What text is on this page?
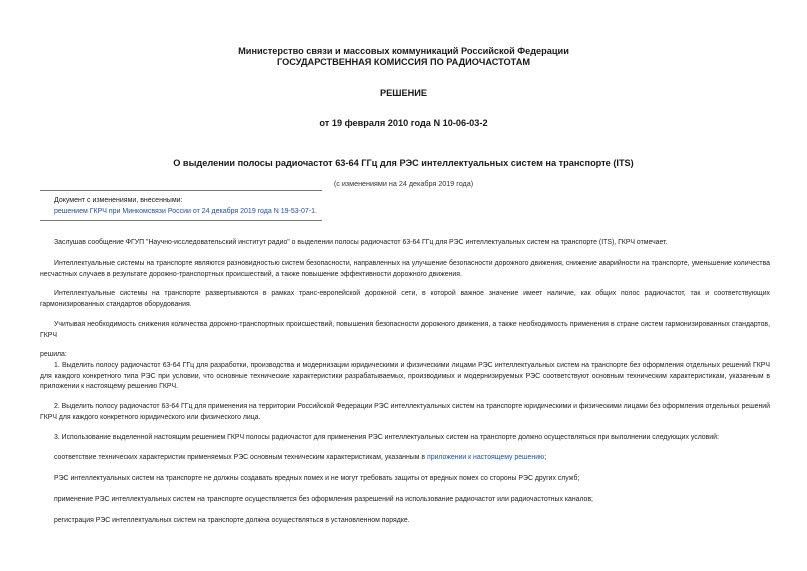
Министерство связи и массовых коммуникаций Российской Федерации
ГОСУДАРСТВЕННАЯ КОМИССИЯ ПО РАДИОЧАСТОТАМ
РЕШЕНИЕ
от 19 февраля 2010 года N 10-06-03-2
О выделении полосы радиочастот 63-64 ГГц для РЭС интеллектуальных систем на транспорте (ITS)
(с изменениями на 24 декабря 2019 года)
Документ с изменениями, внесенными:
решением ГКРЧ при Минкомсвязи России от 24 декабря 2019 года N 19-53-07-1.
Заслушав сообщение ФГУП "Научно-исследовательский институт радио" о выделении полосы радиочастот 63-64 ГГц для РЭС интеллектуальных систем на транспорте (ITS), ГКРЧ отмечает.
Интеллектуальные системы на транспорте являются разновидностью систем безопасности, направленных на улучшение безопасности дорожного движения, снижение аварийности на транспорте, уменьшение количества несчастных случаев в результате дорожно-транспортных происшествий, а также повышение эффективности дорожного движения.
Интеллектуальные системы на транспорте развертываются в рамках транс-европейской дорожной сети, в которой важное значение имеет наличие, как общих полос радиочастот, так и соответствующих гармонизированных стандартов оборудования.
Учитывая необходимость снижения количества дорожно-транспортных происшествий, повышения безопасности дорожного движения, а также необходимость применения в стране систем гармонизированных стандартов, ГКРЧ
решила:
1. Выделить полосу радиочастот 63-64 ГГц для разработки, производства и модернизации юридическими и физическими лицами РЭС интеллектуальных систем на транспорте без оформления отдельных решений ГКРЧ для каждого конкретного типа РЭС при условии, что основные технические характеристики разрабатываемых, производимых и модернизируемых РЭС соответствуют основным техническим характеристикам, указанным в приложении к настоящему решению ГКРЧ.
2. Выделить полосу радиочастот 63-64 ГГц для применения на территории Российской Федерации РЭС интеллектуальных систем на транспорте юридическими и физическими лицами без оформления отдельных решений ГКРЧ для каждого конкретного юридического или физического лица.
3. Использование выделенной настоящим решением ГКРЧ полосы радиочастот для применения РЭС интеллектуальных систем на транспорте должно осуществляться при выполнении следующих условий:
соответствие технических характеристик применяемых РЭС основным техническим характеристикам, указанным в приложении к настоящему решению;
РЭС интеллектуальных систем на транспорте не должны создавать вредных помех и не могут требовать защиты от вредных помех со стороны РЭС других служб;
применение РЭС интеллектуальных систем на транспорте осуществляется без оформления разрешений на использование радиочастот или радиочастотных каналов;
регистрация РЭС интеллектуальных систем на транспорте должна осуществляться в установленном порядке.
